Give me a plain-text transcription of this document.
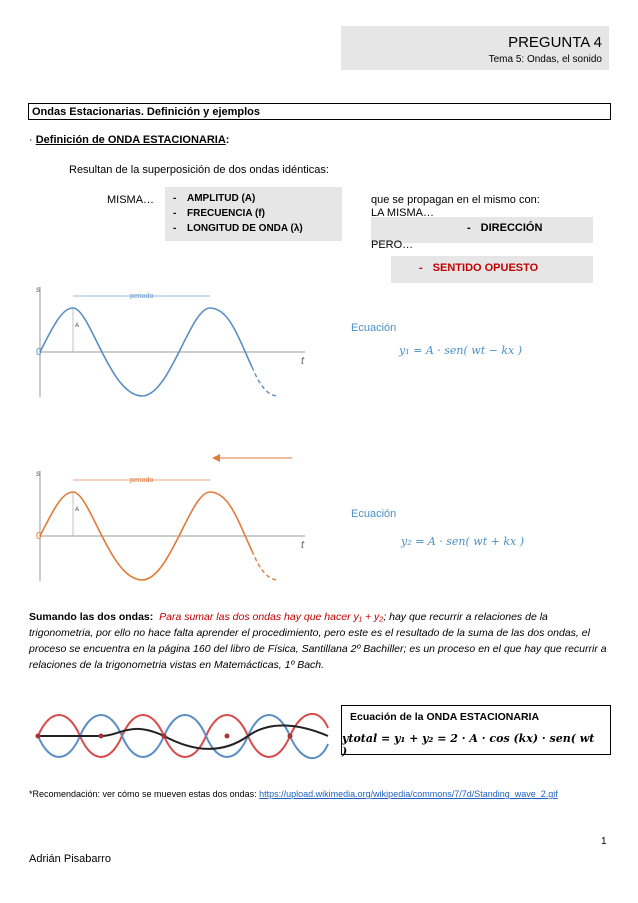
PREGUNTA 4
Tema 5: Ondas, el sonido
Ondas Estacionarias. Definición y ejemplos
· Definición de ONDA ESTACIONARIA:
Resultan de la superposición de dos ondas idénticas:
MISMA… - AMPLITUD (A)
- FRECUENCIA (f)
- LONGITUD DE ONDA (λ)
que se propagan en el mismo con:
LA MISMA…
- DIRECCIÓN
PERO…
- SENTIDO OPUESTO
s
t
0
periodo
A	Ecuación
y₁ = A · sen( wt − kx )
s
t
0
periodo
A	Ecuación
y₂ = A · sen( wt + kx )
Sumando las dos ondas: Para sumar las dos ondas hay que hacer y₁ + y₂; hay que recurrir a relaciones de la trigonometria, por ello no hace falta aprender el procedimiento, pero este es el resultado de la suma de las dos ondas, el proceso se encuentra en la página 160 del libro de Física, Santillana 2º Bachiller; es un proceso en el que hay que recurrir a relaciones de la trigonometria vistas en Matemácticas, 1º Bach.
Ecuación de la ONDA ESTACIONARIA
ytotal = y₁ + y₂ = 2 · A · cos (kx) · sen( wt )
*Recomendación: ver cómo se mueven estas dos ondas: https://upload.wikimedia.org/wikipedia/commons/7/7d/Standing_wave_2.gif
1
Adrián Pisabarro
